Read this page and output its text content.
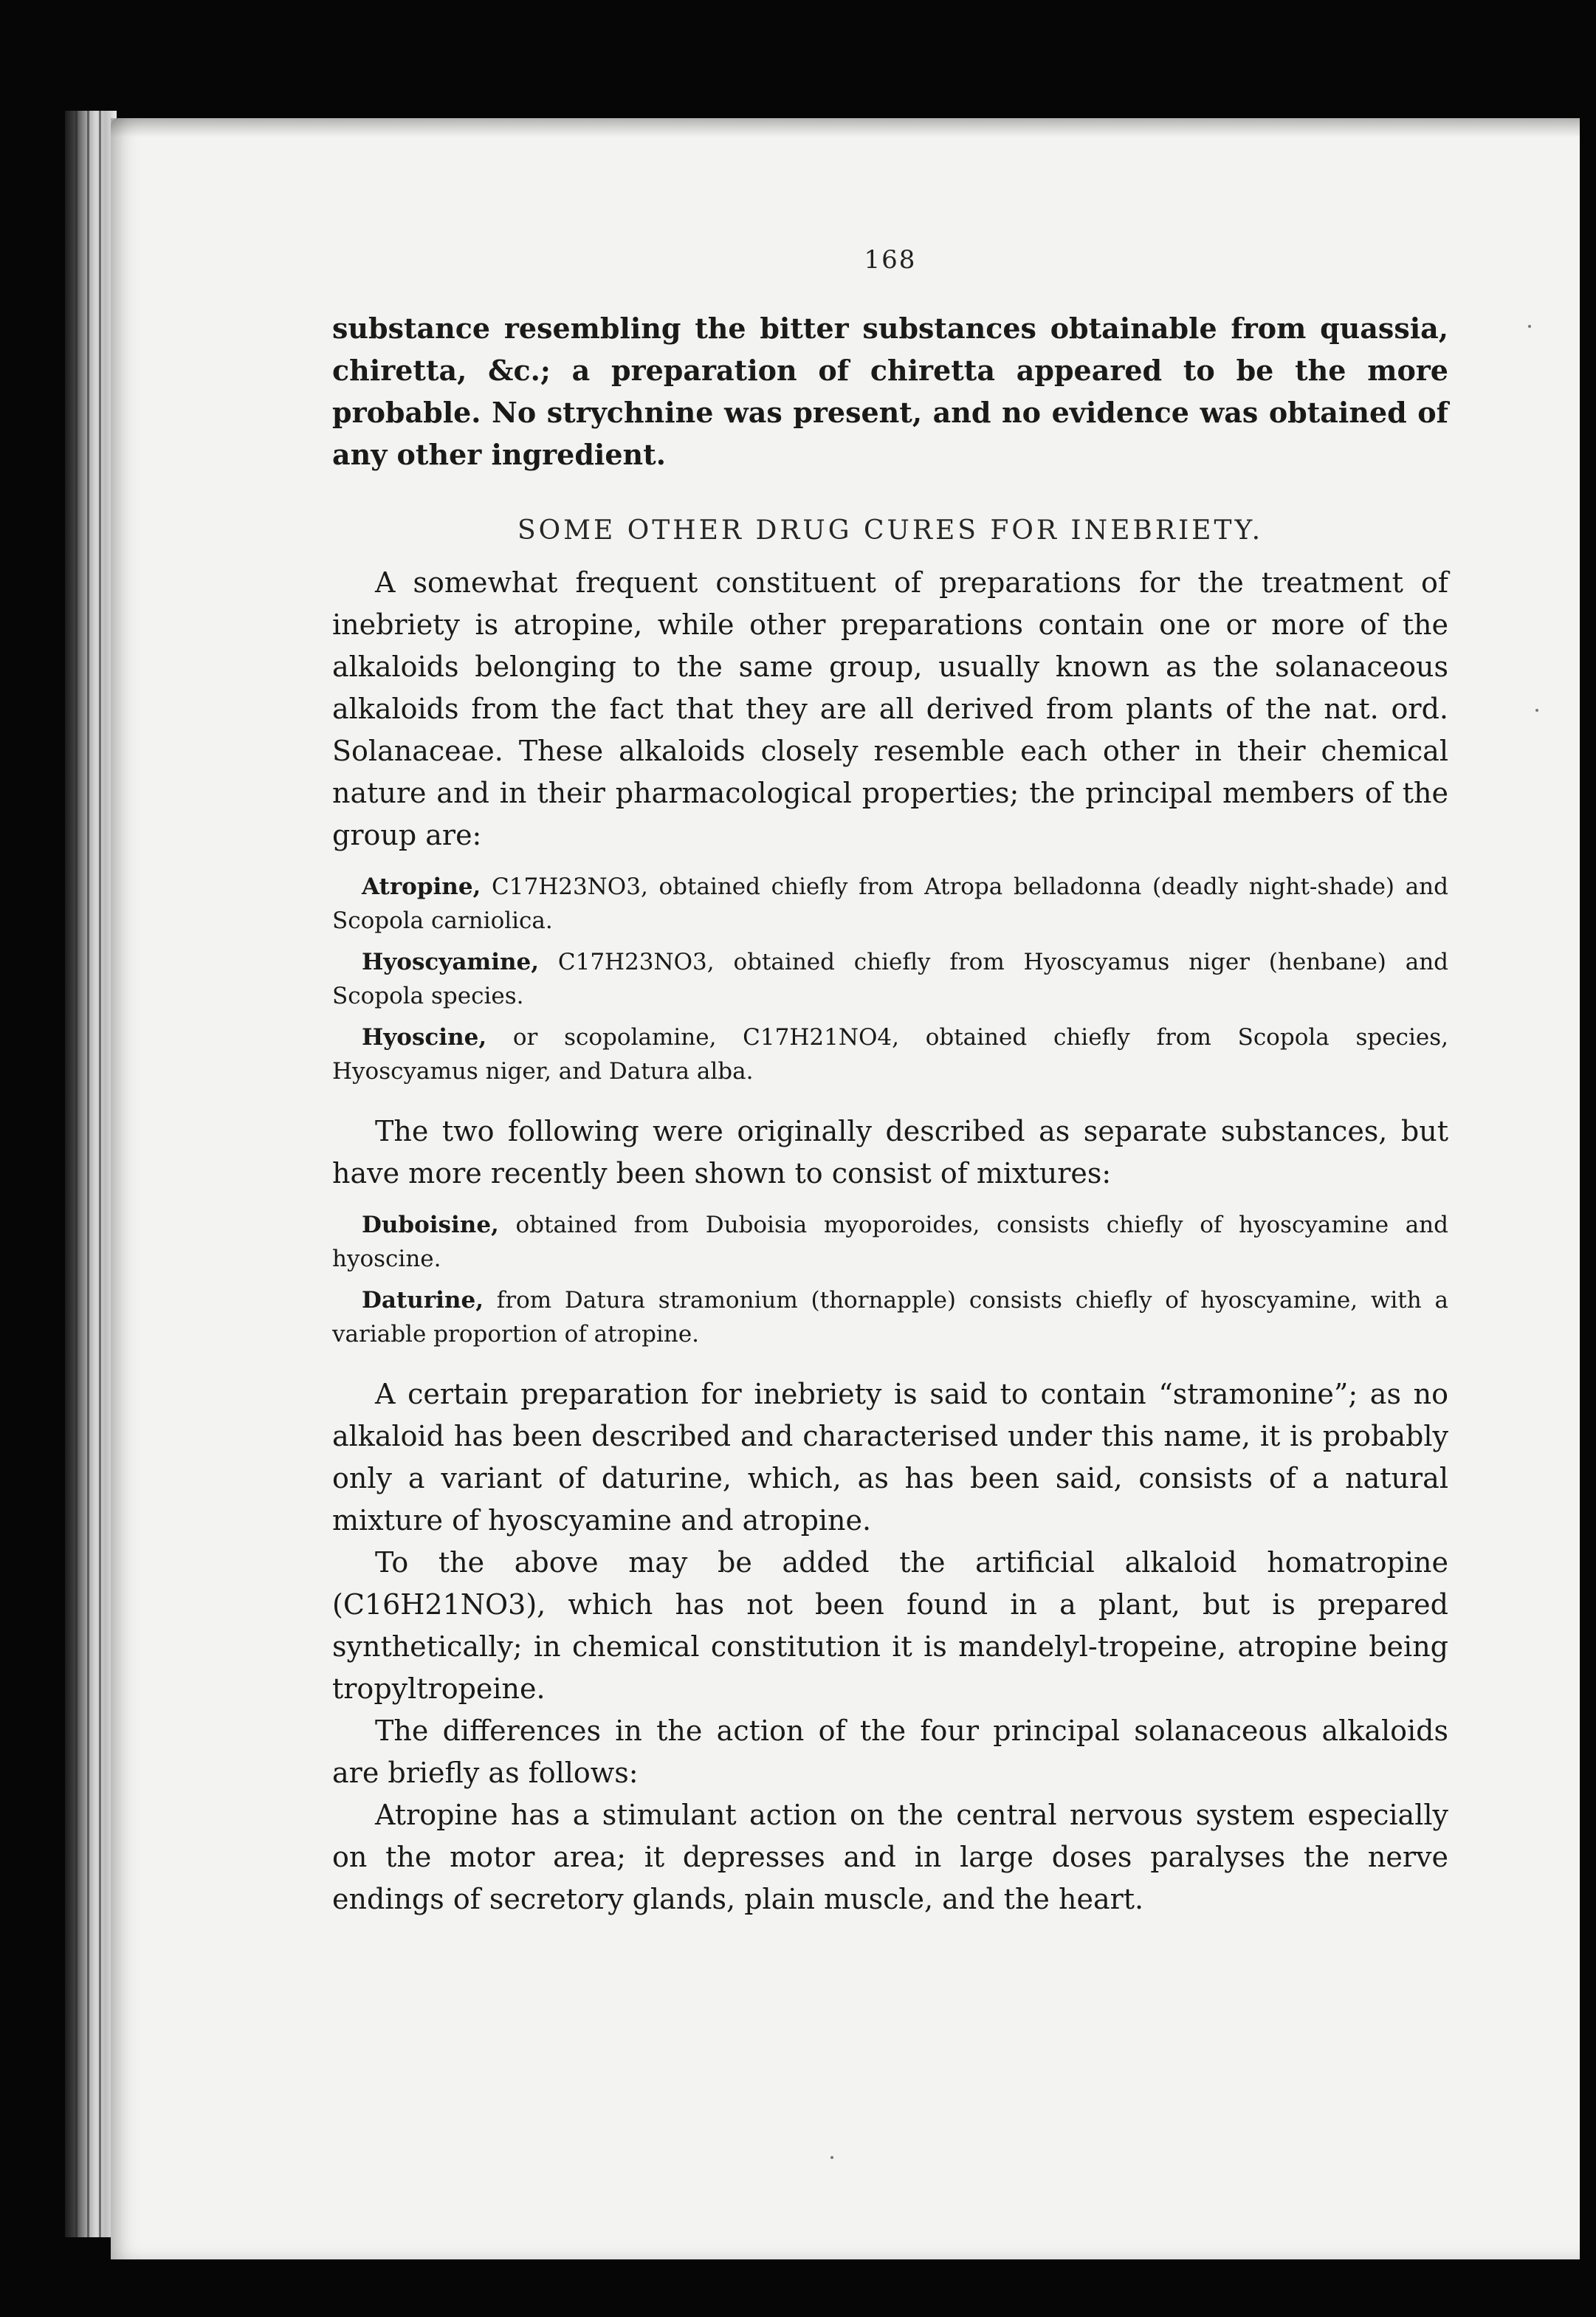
168

substance resembling the bitter substances obtainable from quassia, chiretta, &c.; a preparation of chiretta appeared to be the more probable. No strychnine was present, and no evidence was obtained of any other ingredient.

SOME OTHER DRUG CURES FOR INEBRIETY.

A somewhat frequent constituent of preparations for the treatment of inebriety is atropine, while other preparations contain one or more of the alkaloids belonging to the same group, usually known as the solanaceous alkaloids from the fact that they are all derived from plants of the nat. ord. Solanaceae. These alkaloids closely resemble each other in their chemical nature and in their pharmacological properties; the principal members of the group are:

Atropine, C17H23NO3, obtained chiefly from Atropa belladonna (deadly night-shade) and Scopola carniolica.

Hyoscyamine, C17H23NO3, obtained chiefly from Hyoscyamus niger (henbane) and Scopola species.

Hyoscine, or scopolamine, C17H21NO4, obtained chiefly from Scopola species, Hyoscyamus niger, and Datura alba.

The two following were originally described as separate substances, but have more recently been shown to consist of mixtures:

Duboisine, obtained from Duboisia myoporoides, consists chiefly of hyoscyamine and hyoscine.

Daturine, from Datura stramonium (thornapple) consists chiefly of hyoscyamine, with a variable proportion of atropine.

A certain preparation for inebriety is said to contain “stramonine”; as no alkaloid has been described and characterised under this name, it is probably only a variant of daturine, which, as has been said, consists of a natural mixture of hyoscyamine and atropine.

To the above may be added the artificial alkaloid homatropine (C16H21NO3), which has not been found in a plant, but is prepared synthetically; in chemical constitution it is mandelyl-tropeine, atropine being tropyltropeine.

The differences in the action of the four principal solanaceous alkaloids are briefly as follows:

Atropine has a stimulant action on the central nervous system especially on the motor area; it depresses and in large doses paralyses the nerve endings of secretory glands, plain muscle, and the heart.
